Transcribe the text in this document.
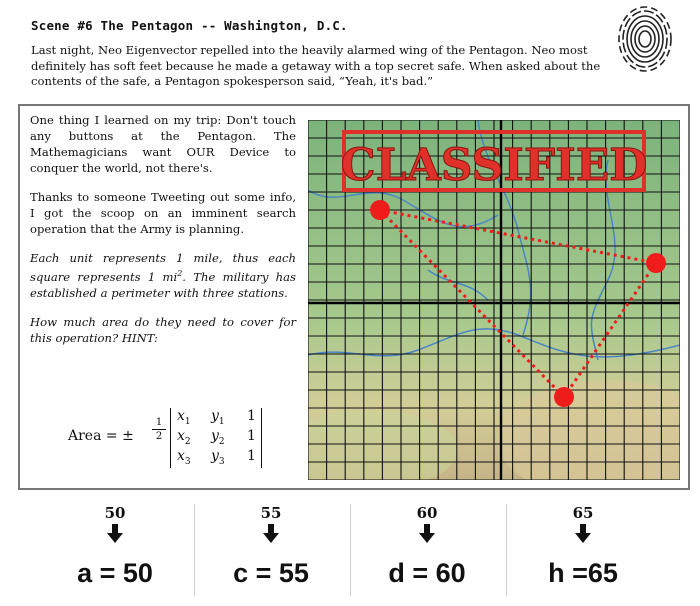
Scene #6 The Pentagon -- Washington, D.C.
Last night, Neo Eigenvector repelled into the heavily alarmed wing of the Pentagon. Neo most definitely has soft feet because he made a getaway with a top secret safe. When asked about the contents of the safe, a Pentagon spokesperson said, “Yeah, it's bad.”

One thing I learned on my trip: Don't touch any buttons at the Pentagon. The Mathemagicians want OUR Device to conquer the world, not there's.

Thanks to someone Tweeting out some info, I got the scoop on an imminent search operation that the Army is planning.

Each unit represents 1 mile, thus each square represents 1 $mi^2$. The military has established a perimeter with three stations.

How much area do they need to cover for this operation? HINT:

Area = ±
1
2
$x_1$ $y_1$ 1
$x_2$ $y_2$ 1
$x_3$ $y_3$ 1
CLASSIFIED
50
a = 50
55
c = 55
60
d = 60
65
h =65
